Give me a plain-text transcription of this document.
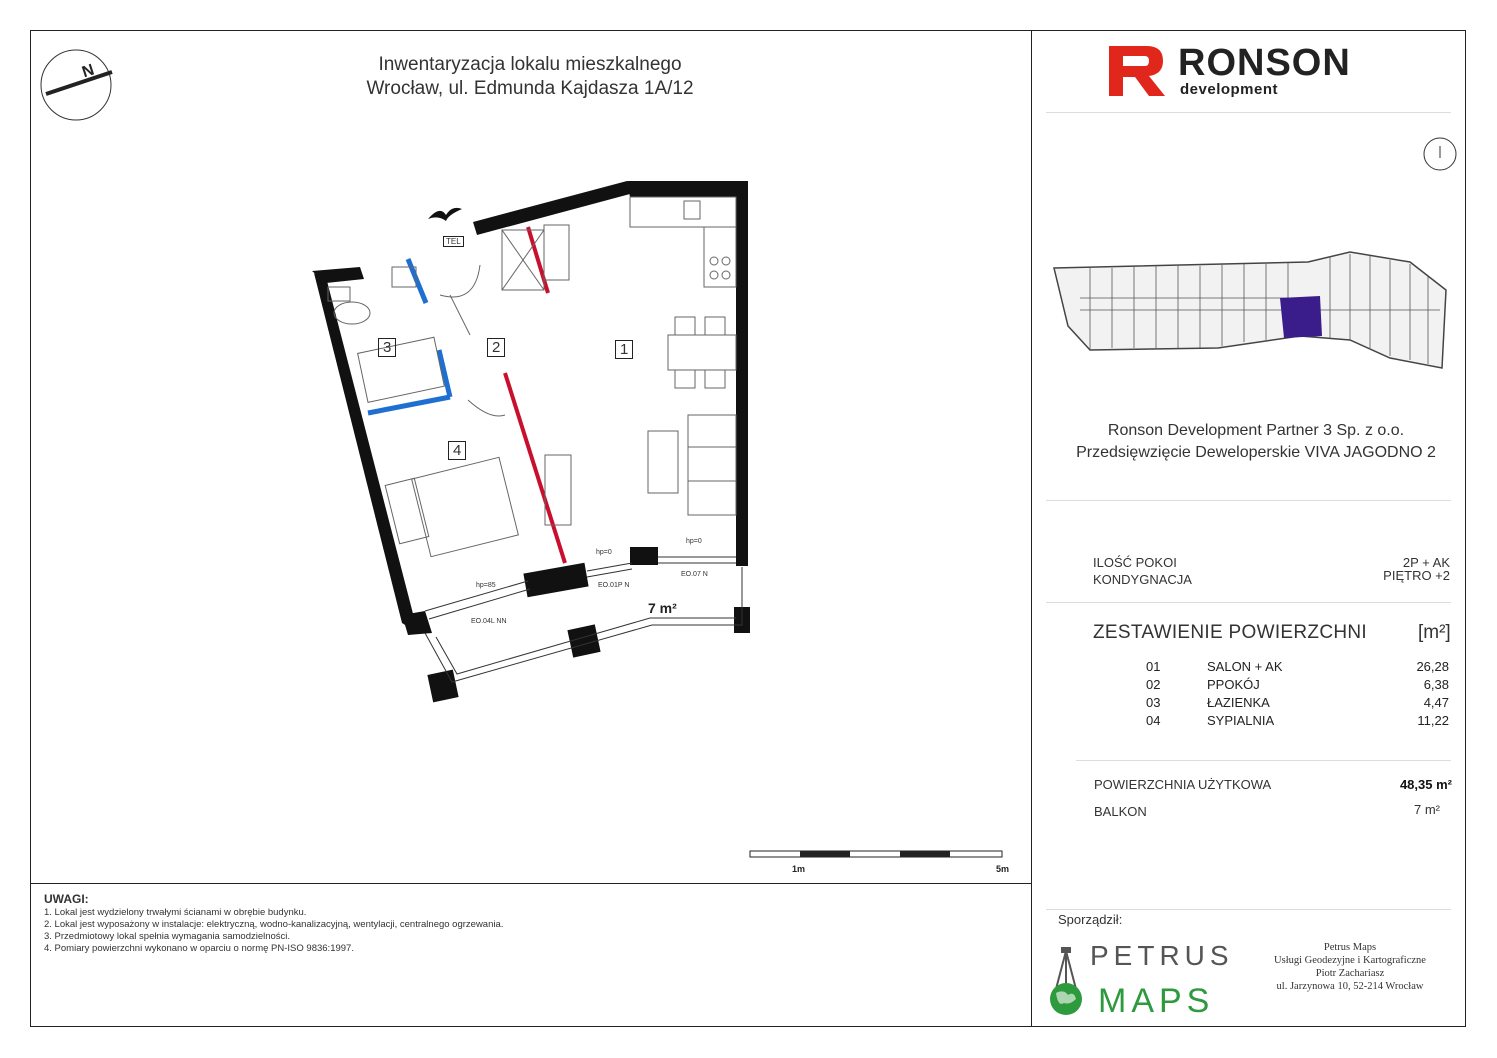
Inwentaryzacja lokalu mieszkalnego
Wrocław, ul. Edmunda Kajdasza 1A/12
N
1
2
3
4
TEL
7 m²
EO.04L NN
EO.01P N
EO.07 N
hp=85
hp=0
hp=0
1m	5m
UWAGI:
1. Lokal jest wydzielony trwałymi ścianami w obrębie budynku.
2. Lokal jest wyposażony w instalacje: elektryczną, wodno-kanalizacyjną, wentylacji, centralnego ogrzewania.
3. Przedmiotowy lokal spełnia wymagania samodzielności.
4. Pomiary powierzchni wykonano w oparciu o normę PN-ISO 9836:1997.
RONSON
development
Ronson Development Partner 3 Sp. z o.o.
Przedsięwzięcie Deweloperskie VIVA JAGODNO 2
ILOŚĆ POKOI	2P + AK
KONDYGNACJA	PIĘTRO +2
ZESTAWIENIE POWIERZCHNI	[m²]
01	SALON + AK	26,28
02	PPOKÓJ	6,38
03	ŁAZIENKA	4,47
04	SYPIALNIA	11,22
POWIERZCHNIA UŻYTKOWA	48,35 m²
BALKON	7 m²
Sporządził:
PETRUS
MAPS
Petrus Maps
Usługi Geodezyjne i Kartograficzne
Piotr Zachariasz
ul. Jarzynowa 10, 52-214 Wrocław
